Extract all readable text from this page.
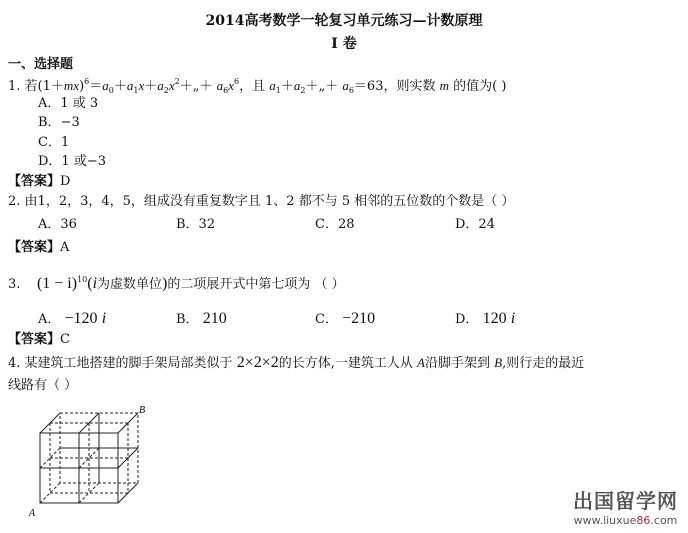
2014高考数学一轮复习单元练习—计数原理
I 卷
一、选择题
1. 若$(1+mx)^6=a_0+a_1x+a_2x^2+„+ a_6x^6$，且 $a_1+a_2+„+ a_6=63$，则实数 m 的值为( )
A．1 或 3
B．−3
C．1
D．1 或−3
【答案】D
2. 由1，2，3，4，5，组成没有重复数字且 1、2 都不与 5 相邻的五位数的个数是（ ）
A．36	B．32	C．28	D．24
【答案】A
3. $(1 - i)^{10}(i$为虚数单位)的二项展开式中第七项为 （ ）
A． −120 i	B． 210	C． −210	D． 120 i
【答案】C
4. 某建筑工地搭建的脚手架局部类似于 2×2×2的长方体,一建筑工人从 A沿脚手架到 B,则行走的最近
线路有（ ）
B
A
出国留学网
www.liuxue86.com
